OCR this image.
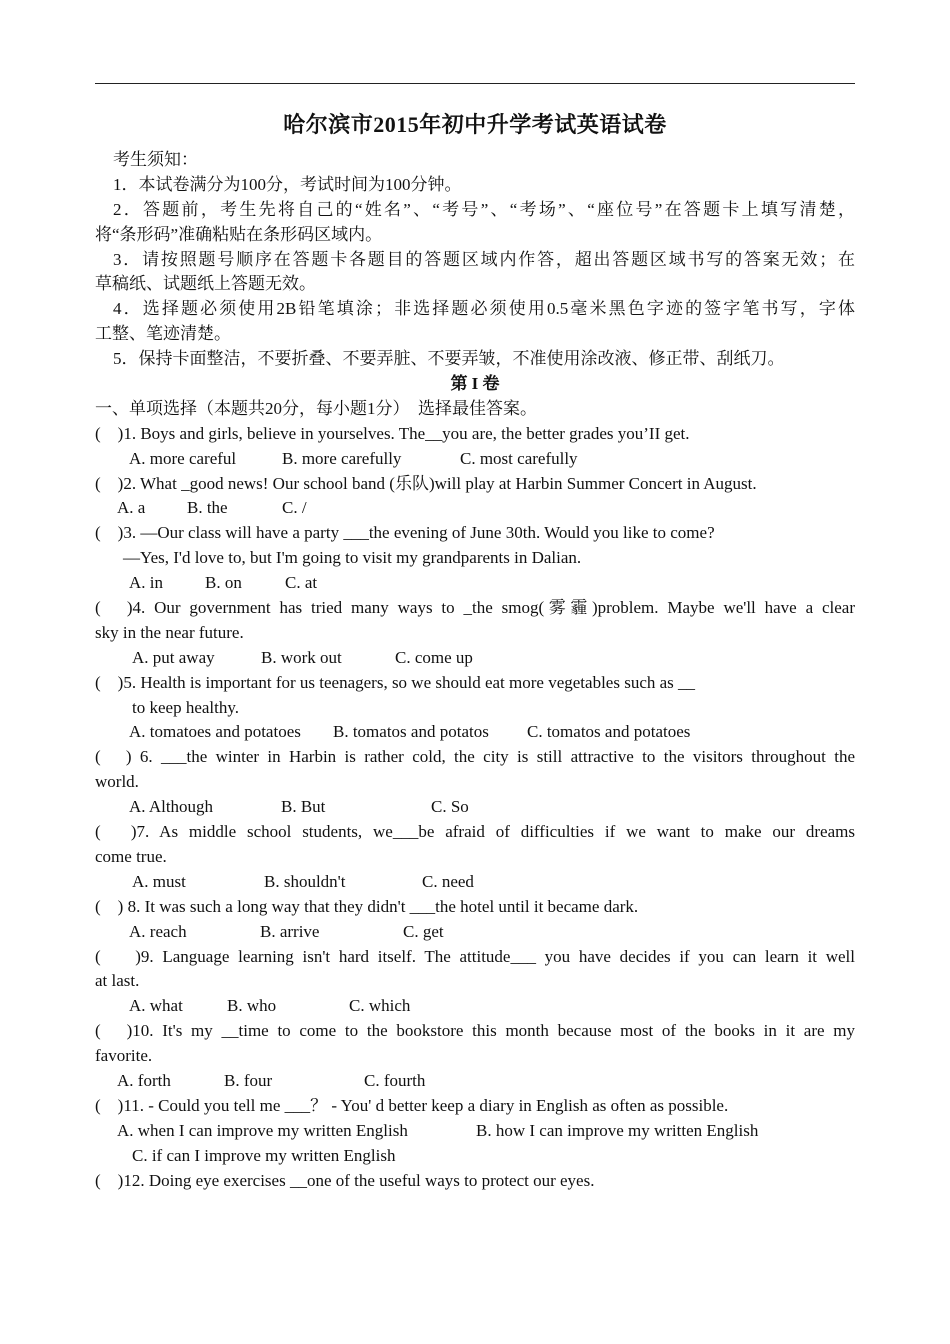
哈尔滨市2015年初中升学考试英语试卷
考生须知：
1．本试卷满分为100分，考试时间为100分钟。
2．答题前，考生先将自己的“姓名”、“考号”、“考场”、“座位号”在答题卡上填写清楚，
将“条形码”准确粘贴在条形码区域内。
3．请按照题号顺序在答题卡各题目的答题区域内作答，超出答题区域书写的答案无效；在
草稿纸、试题纸上答题无效。
4．选择题必须使用2B铅笔填涂；非选择题必须使用0.5毫米黑色字迹的签字笔书写，字体
工整、笔迹清楚。
5．保持卡面整洁，不要折叠、不要弄脏、不要弄皱，不准使用涂改液、修正带、刮纸刀。
第 I 卷
一、单项选择（本题共20分，每小题1分）　选择最佳答案。
(　)1. Boys and girls, believe in yourselves. The__you are, the better grades you’II get.
A. more careful	B. more carefully	C. most carefully
(　)2. What _good news! Our school band (乐队)will play at Harbin Summer Concert in August.
A. a B. the	C. /
(　)3. —Our class will have a party ___the evening of June 30th. Would you like to come?
—Yes, I'd love to, but I'm going to visit my grandparents in Dalian.
A. in B. on	C. at
(　)4. Our government has tried many ways to _the smog(雾霾)problem. Maybe we'll have a clear
sky in the near future.
A. put away	B. work out	C. come up
(　)5. Health is important for us teenagers, so we should eat more vegetables such as __
to keep healthy.
A. tomatoes and potatoes B. tomatos and potatos C. tomatos and potatoes
(　) 6. ___the winter in Harbin is rather cold, the city is still attractive to the visitors throughout the
world.
A. Although	B. But	C. So
(　)7. As middle school students, we___be afraid of difficulties if we want to make our dreams
come true.
A. must	B. shouldn't	C. need
(　) 8. It was such a long way that they didn't ___the hotel until it became dark.
A. reach	B. arrive	C. get
(　 )9. Language learning isn't hard itself. The attitude___ you have decides if you can learn it well
at last.
A. what	B. who	C. which
(　)10. It's my __time to come to the bookstore this month because most of the books in it are my
favorite.
A. forth	B. four	C. fourth
(　)11. - Could you tell me ___？ - You' d better keep a diary in English as often as possible.
A. when I can improve my written English	B. how I can improve my written English
C. if can I improve my written English
(　)12. Doing eye exercises __one of the useful ways to protect our eyes.
